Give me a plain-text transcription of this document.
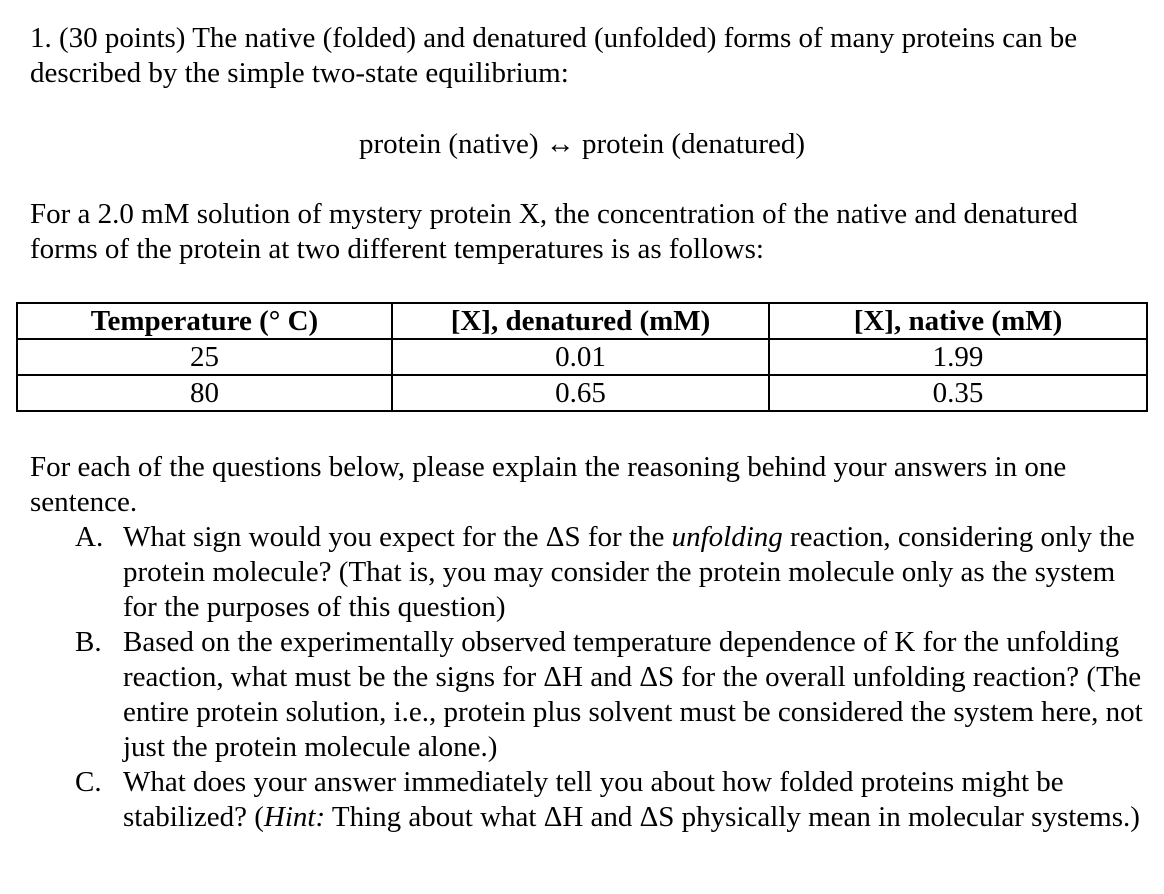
1. (30 points) The native (folded) and denatured (unfolded) forms of many proteins can be described by the simple two-state equilibrium:

protein (native) ↔ protein (denatured)

For a 2.0 mM solution of mystery protein X, the concentration of the native and denatured forms of the protein at two different temperatures is as follows:

Temperature (° C)	[X], denatured (mM)	[X], native (mM)
25	0.01	1.99
80	0.65	0.35

For each of the questions below, please explain the reasoning behind your answers in one sentence.

A. What sign would you expect for the ΔS for the unfolding reaction, considering only the protein molecule? (That is, you may consider the protein molecule only as the system for the purposes of this question)
B. Based on the experimentally observed temperature dependence of K for the unfolding reaction, what must be the signs for ΔH and ΔS for the overall unfolding reaction? (The entire protein solution, i.e., protein plus solvent must be considered the system here, not just the protein molecule alone.)
C. What does your answer immediately tell you about how folded proteins might be stabilized? (Hint: Thing about what ΔH and ΔS physically mean in molecular systems.)
